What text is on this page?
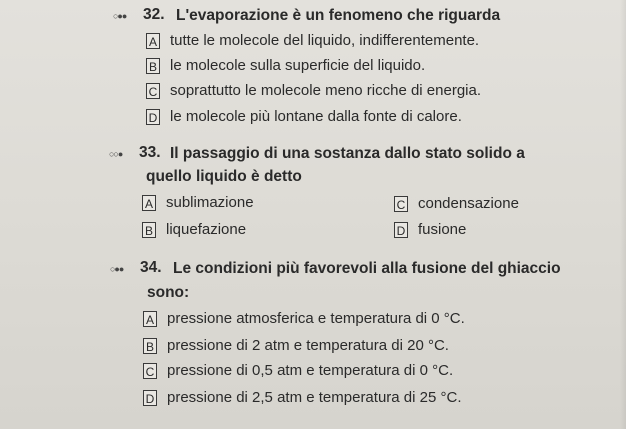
○●● 32. L'evaporazione è un fenomeno che riguarda
A tutte le molecole del liquido, indifferentemente.
B le molecole sulla superficie del liquido.
C soprattutto le molecole meno ricche di energia.
D le molecole più lontane dalla fonte di calore.
○○● 33. Il passaggio di una sostanza dallo stato solido a
quello liquido è detto
A sublimazione
B liquefazione
C condensazione
D fusione
○●● 34. Le condizioni più favorevoli alla fusione del ghiaccio
sono:
A pressione atmosferica e temperatura di 0 °C.
B pressione di 2 atm e temperatura di 20 °C.
C pressione di 0,5 atm e temperatura di 0 °C.
D pressione di 2,5 atm e temperatura di 25 °C.
